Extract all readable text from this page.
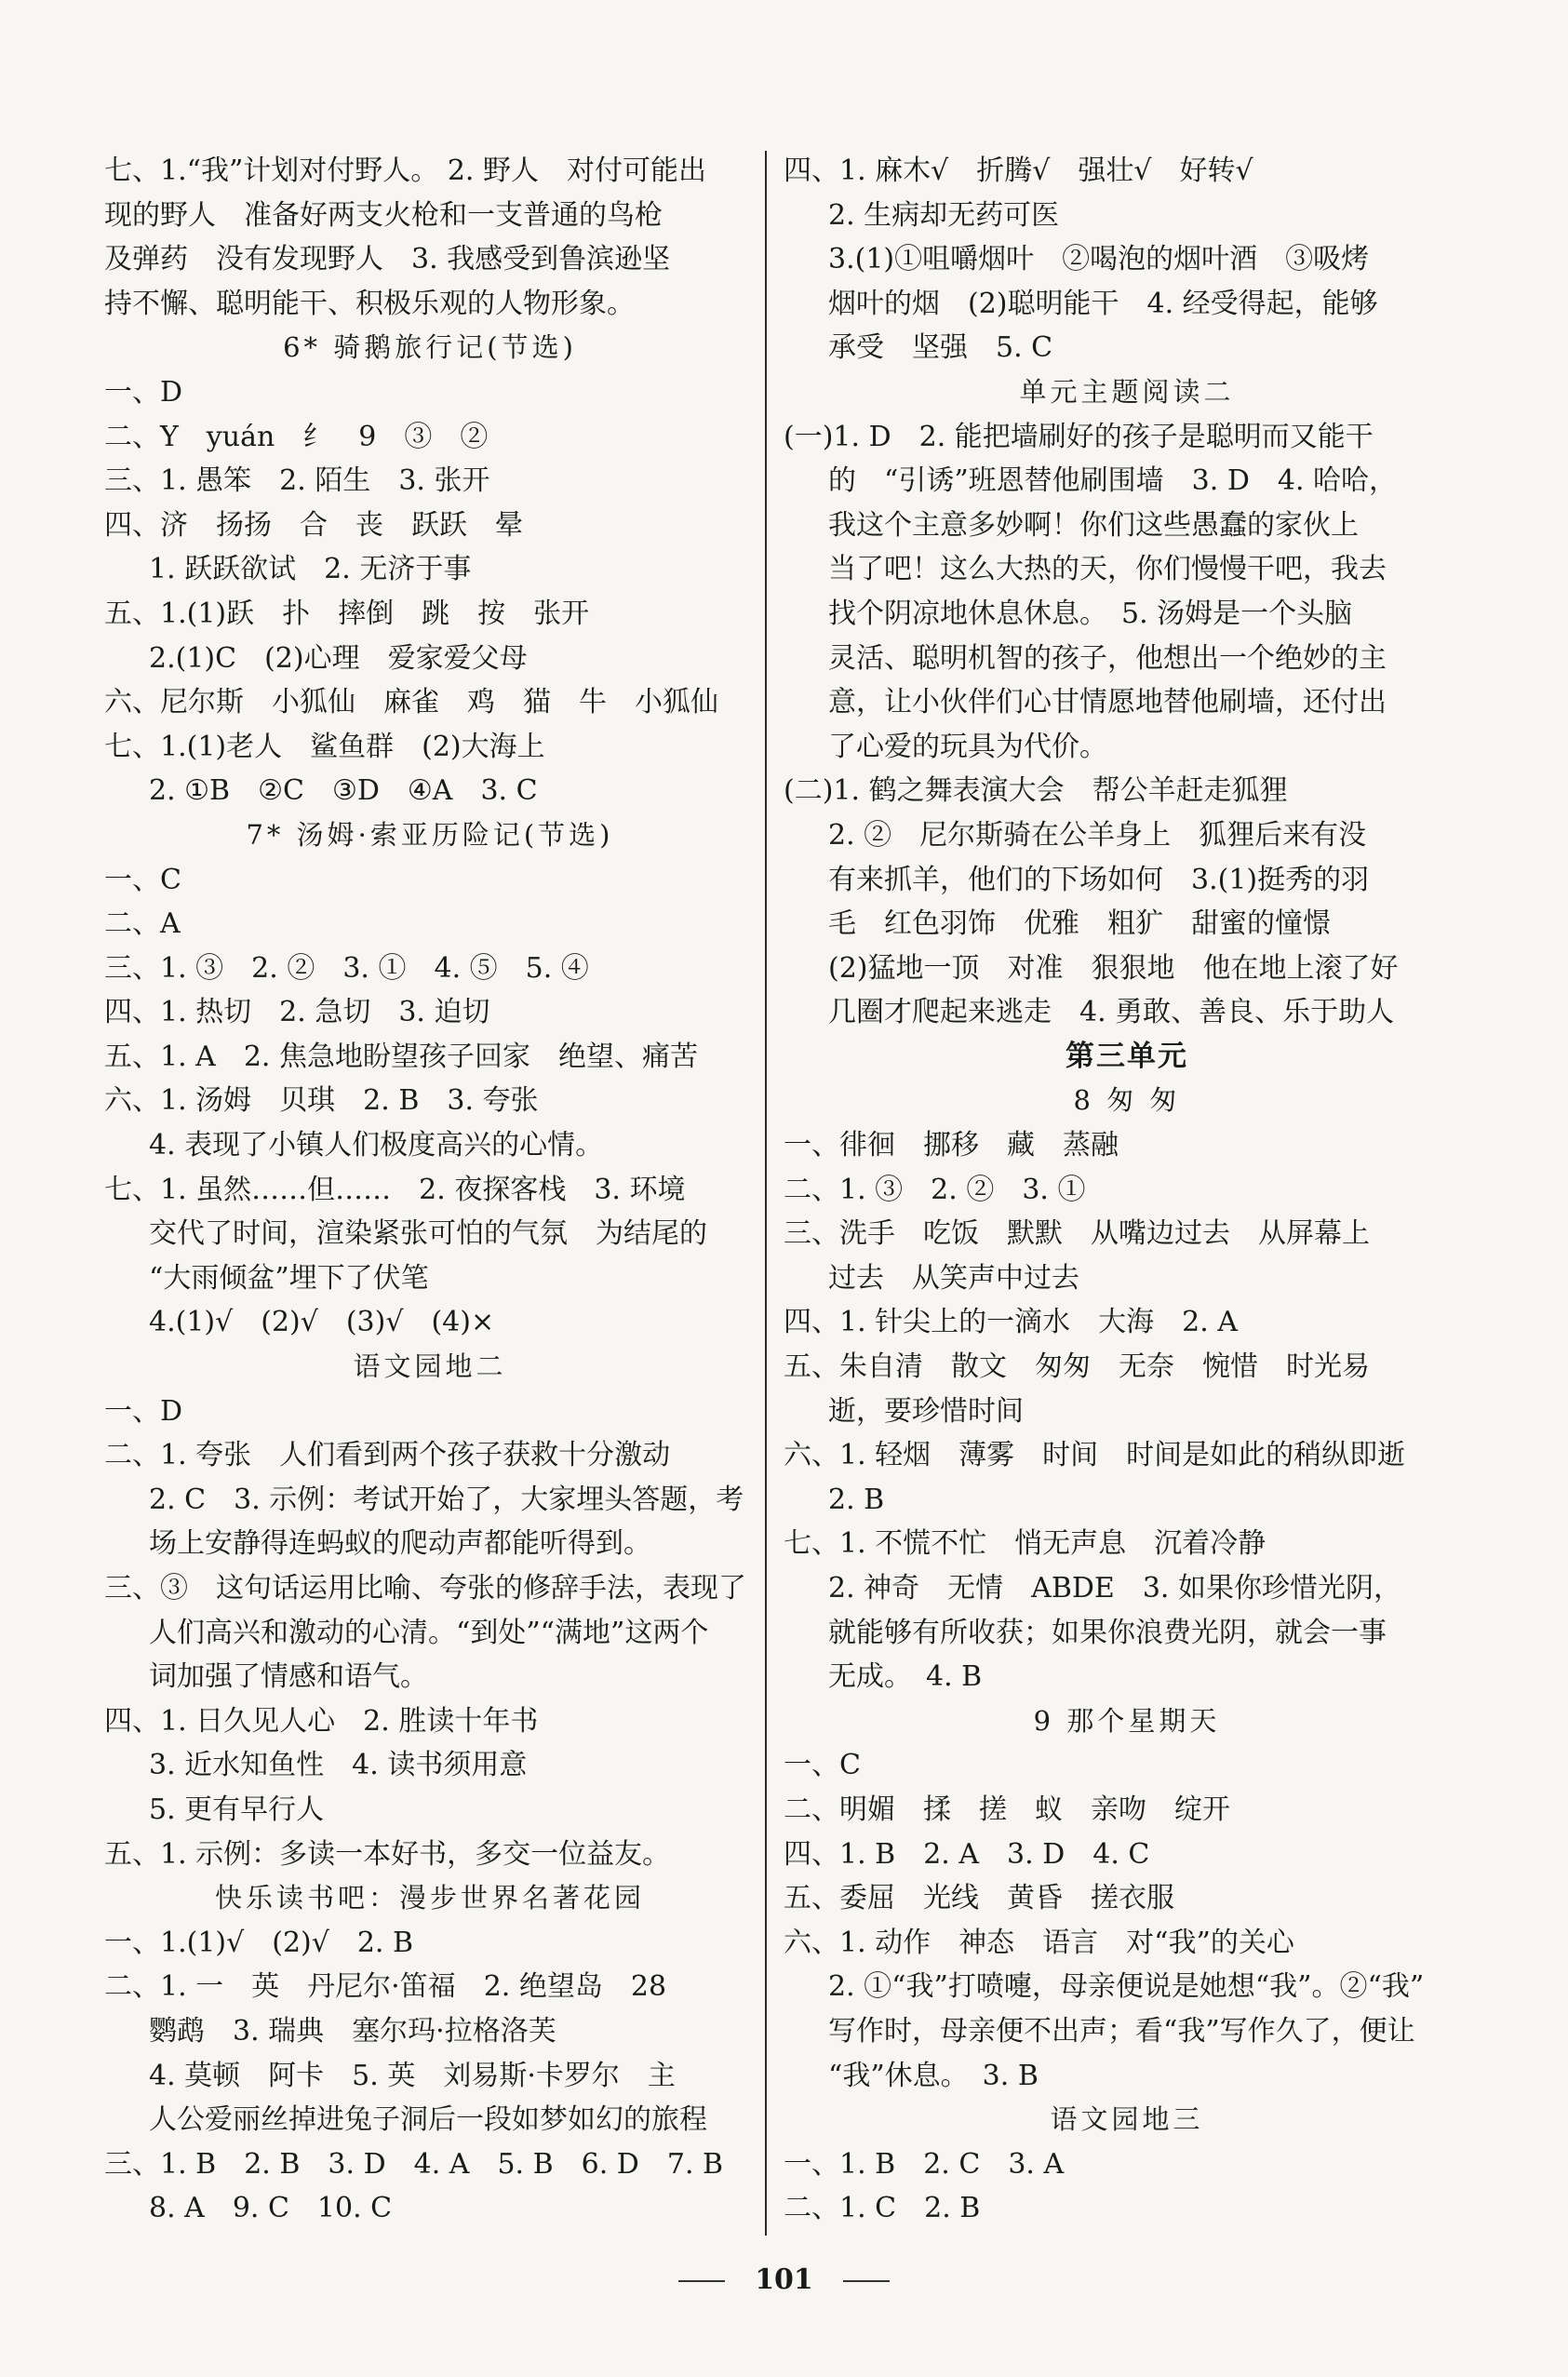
七、1.“我”计划对付野人。 2. 野人　对付可能出
现的野人　准备好两支火枪和一支普通的鸟枪
及弹药　没有发现野人　3. 我感受到鲁滨逊坚
持不懈、聪明能干、积极乐观的人物形象。
6* 骑鹅旅行记(节选)
一、D
二、Y　yuán　纟　9　③　②
三、1. 愚笨　2. 陌生　3. 张开
四、济　扬扬　合　丧　跃跃　晕
1. 跃跃欲试　2. 无济于事
五、1.(1)跃　扑　摔倒　跳　按　张开
2.(1)C　(2)心理　爱家爱父母
六、尼尔斯　小狐仙　麻雀　鸡　猫　牛　小狐仙
七、1.(1)老人　鲨鱼群　(2)大海上
2. ①B　②C　③D　④A　3. C
7* 汤姆·索亚历险记(节选)
一、C
二、A
三、1. ③　2. ②　3. ①　4. ⑤　5. ④
四、1. 热切　2. 急切　3. 迫切
五、1. A　2. 焦急地盼望孩子回家　绝望、痛苦
六、1. 汤姆　贝琪　2. B　3. 夸张
4. 表现了小镇人们极度高兴的心情。
七、1. 虽然……但……　2. 夜探客栈　3. 环境
交代了时间，渲染紧张可怕的气氛　为结尾的
“大雨倾盆”埋下了伏笔
4.(1)√　(2)√　(3)√　(4)×
语文园地二
一、D
二、1. 夸张　人们看到两个孩子获救十分激动
2. C　3. 示例：考试开始了，大家埋头答题，考
场上安静得连蚂蚁的爬动声都能听得到。
三、③　这句话运用比喻、夸张的修辞手法，表现了
人们高兴和激动的心清。“到处”“满地”这两个
词加强了情感和语气。
四、1. 日久见人心　2. 胜读十年书
3. 近水知鱼性　4. 读书须用意
5. 更有早行人
五、1. 示例：多读一本好书，多交一位益友。
快乐读书吧：漫步世界名著花园
一、1.(1)√　(2)√　2. B
二、1. 一　英　丹尼尔·笛福　2. 绝望岛　28
鹦鹉　3. 瑞典　塞尔玛·拉格洛芙
4. 莫顿　阿卡　5. 英　刘易斯·卡罗尔　主
人公爱丽丝掉进兔子洞后一段如梦如幻的旅程
三、1. B　2. B　3. D　4. A　5. B　6. D　7. B
8. A　9. C　10. C
四、1. 麻木√　折腾√　强壮√　好转√
2. 生病却无药可医
3.(1)①咀嚼烟叶　②喝泡的烟叶酒　③吸烤
烟叶的烟　(2)聪明能干　4. 经受得起，能够
承受　坚强　5. C
单元主题阅读二
(一)1. D　2. 能把墙刷好的孩子是聪明而又能干
的　“引诱”班恩替他刷围墙　3. D　4. 哈哈，
我这个主意多妙啊！你们这些愚蠢的家伙上
当了吧！这么大热的天，你们慢慢干吧，我去
找个阴凉地休息休息。　5. 汤姆是一个头脑
灵活、聪明机智的孩子，他想出一个绝妙的主
意，让小伙伴们心甘情愿地替他刷墙，还付出
了心爱的玩具为代价。
(二)1. 鹤之舞表演大会　帮公羊赶走狐狸
2. ②　尼尔斯骑在公羊身上　狐狸后来有没
有来抓羊，他们的下场如何　3.(1)挺秀的羽
毛　红色羽饰　优雅　粗犷　甜蜜的憧憬
(2)猛地一顶　对准　狠狠地　他在地上滚了好
几圈才爬起来逃走　4. 勇敢、善良、乐于助人
第三单元
8 匆 匆
一、徘徊　挪移　藏　蒸融
二、1. ③　2. ②　3. ①
三、洗手　吃饭　默默　从嘴边过去　从屏幕上
过去　从笑声中过去
四、1. 针尖上的一滴水　大海　2. A
五、朱自清　散文　匆匆　无奈　惋惜　时光易
逝，要珍惜时间
六、1. 轻烟　薄雾　时间　时间是如此的稍纵即逝
2. B
七、1. 不慌不忙　悄无声息　沉着冷静
2. 神奇　无情　ABDE　3. 如果你珍惜光阴，
就能够有所收获；如果你浪费光阴，就会一事
无成。　4. B
9 那个星期天
一、C
二、明媚　揉　搓　蚁　亲吻　绽开
四、1. B　2. A　3. D　4. C
五、委屈　光线　黄昏　搓衣服
六、1. 动作　神态　语言　对“我”的关心
2. ①“我”打喷嚏，母亲便说是她想“我”。②“我”
写作时，母亲便不出声；看“我”写作久了，便让
“我”休息。　3. B
语文园地三
一、1. B　2. C　3. A
二、1. C　2. B
101
